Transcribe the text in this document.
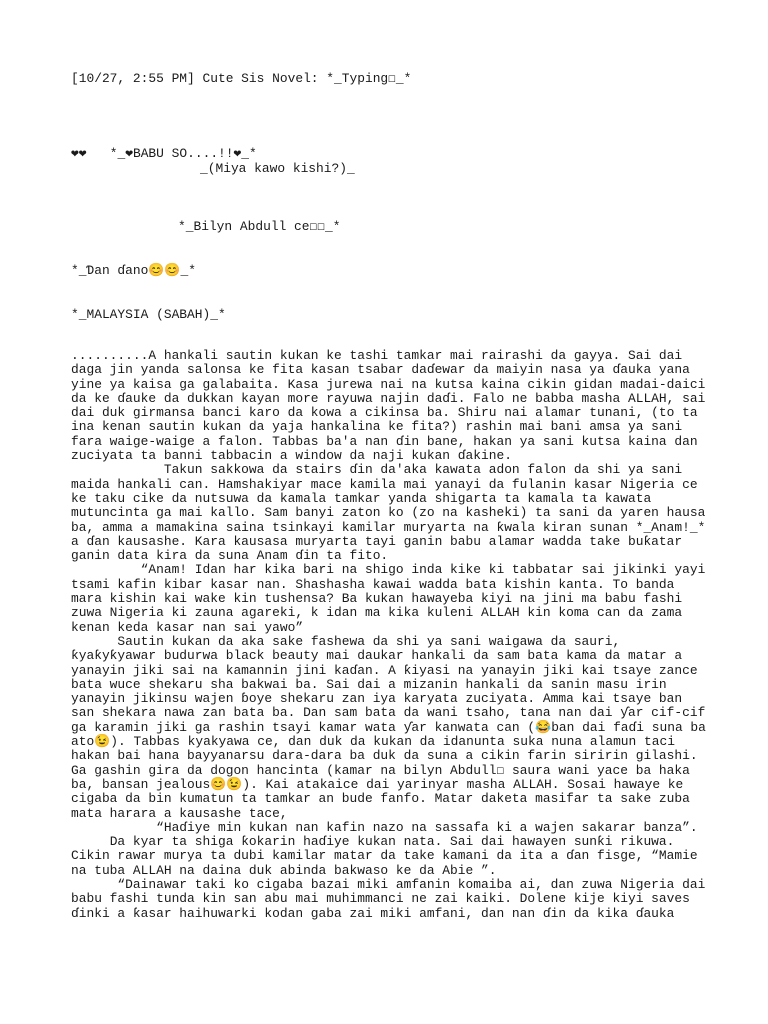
[10/27, 2:55 PM] Cute Sis Novel: *_Typing☐_*
❤❤   *_❤BABU SO....!!❤_*
_(Miya kawo kishi?)_
*_Bilyn Abdull ce☐☐_*
*_Ɗan ɗano😊😊_*
*_MALAYSIA (SABAH)_*

..........A hankali sautin kukan ke tashi tamkar mai rairashi da gayya. Sai dai daga jin yanda salonsa ke fita kasan tsabar daɗewar da maiyin nasa ya ɗauka yana yine ya kaisa ga galabaita. Kasa jurewa nai na kutsa kaina cikin gidan madai-daici da ke ɗauke da dukkan kayan more rayuwa najin daɗi. Falo ne babba masha ALLAH, sai dai duk girmansa banci karo da kowa a cikinsa ba. Shiru nai alamar tunani, (to ta ina kenan sautin kukan da yaja hankalina ke fita?) rashin mai bani amsa ya sani fara waige-waige a falon. Tabbas ba'a nan ɗin bane, hakan ya sani kutsa kaina dan zuciyata ta banni tabbacin a window da naji kukan ɗakine.

Takun sakkowa da stairs ɗin da'aka kawata adon falon da shi ya sani maida hankali can. Hamshakiyar mace kamila mai yanayi da fulanin kasar Nigeria ce ke taku cike da nutsuwa da kamala tamkar yanda shigarta ta kamala ta kawata mutuncinta ga mai kallo. Sam banyi zaton ko (zo na kasheki) ta sani da yaren hausa ba, amma a mamakina saina tsinkayi kamilar muryarta na ƙwala kiran sunan *_Anam!_* a ɗan kausashe. Kara kausasa muryarta tayi ganin babu alamar wadda take buƙatar ganin data kira da suna Anam ɗin ta fito.

“Anam! Idan har kika bari na shigo inda kike ki tabbatar sai jikinki yayi tsami kafin kibar kasar nan. Shashasha kawai wadda bata kishin kanta. To banda mara kishin kai wake kin tushensa? Ba kukan hawayeba kiyi na jini ma babu fashi zuwa Nigeria ki zauna agareki, k idan ma kika kuleni ALLAH kin koma can da zama kenan keda kasar nan sai yawo”

Sautin kukan da aka sake fashewa da shi ya sani waigawa da sauri, ƙyaƙyƙyawar budurwa black beauty mai daukar hankali da sam bata kama da matar a yanayin jiki sai na kamannin jini kaɗan. A ƙiyasi na yanayin jiki kai tsaye zance bata wuce shekaru sha bakwai ba. Sai dai a mizanin hankali da sanin masu irin yanayin jikinsu wajen ɓoye shekaru zan iya karyata zuciyata. Amma kai tsaye ban san shekara nawa zan bata ba. Dan sam bata da wani tsaho, tana nan dai ƴar cif-cif ga karamin jiki ga rashin tsayi kamar wata ƴar kanwata can (😂ban dai faɗi suna ba ato😉). Tabbas kyakyawa ce, dan duk da kukan da idanunta suka nuna alamun taci hakan bai hana bayyanarsu dara-dara ba duk da suna a cikin farin siririn gilashi. Ga gashin gira da dogon hancinta (kamar na bilyn Abdull☐ saura wani yace ba haka ba, bansan jealous😊😉). Kai atakaice dai yarinyar masha ALLAH. Sosai hawaye ke cigaba da bin kumatun ta tamkar an bude fanfo. Matar daketa masifar ta sake zuba mata harara a kausashe tace,

“Haɗiye min kukan nan kafin nazo na sassafa ki a wajen sakarar banza”.

Da kyar ta shiga ƙokarin haɗiye kukan nata. Sai dai hawayen sunƙi rikuwa. Cikin rawar murya ta dubi kamilar matar da take kamani da ita a ɗan fisge, “Mamie na tuba ALLAH na daina duk abinda bakwaso ke da Abie ”.

“Dainawar taki ko cigaba bazai miki amfanin komaiba ai, dan zuwa Nigeria dai babu fashi tunda kin san abu mai muhimmanci ne zai kaiki. Dolene kije kiyi saves ɗinki a ƙasar haihuwarki kodan gaba zai miki amfani, dan nan ɗin da kika ɗauka
